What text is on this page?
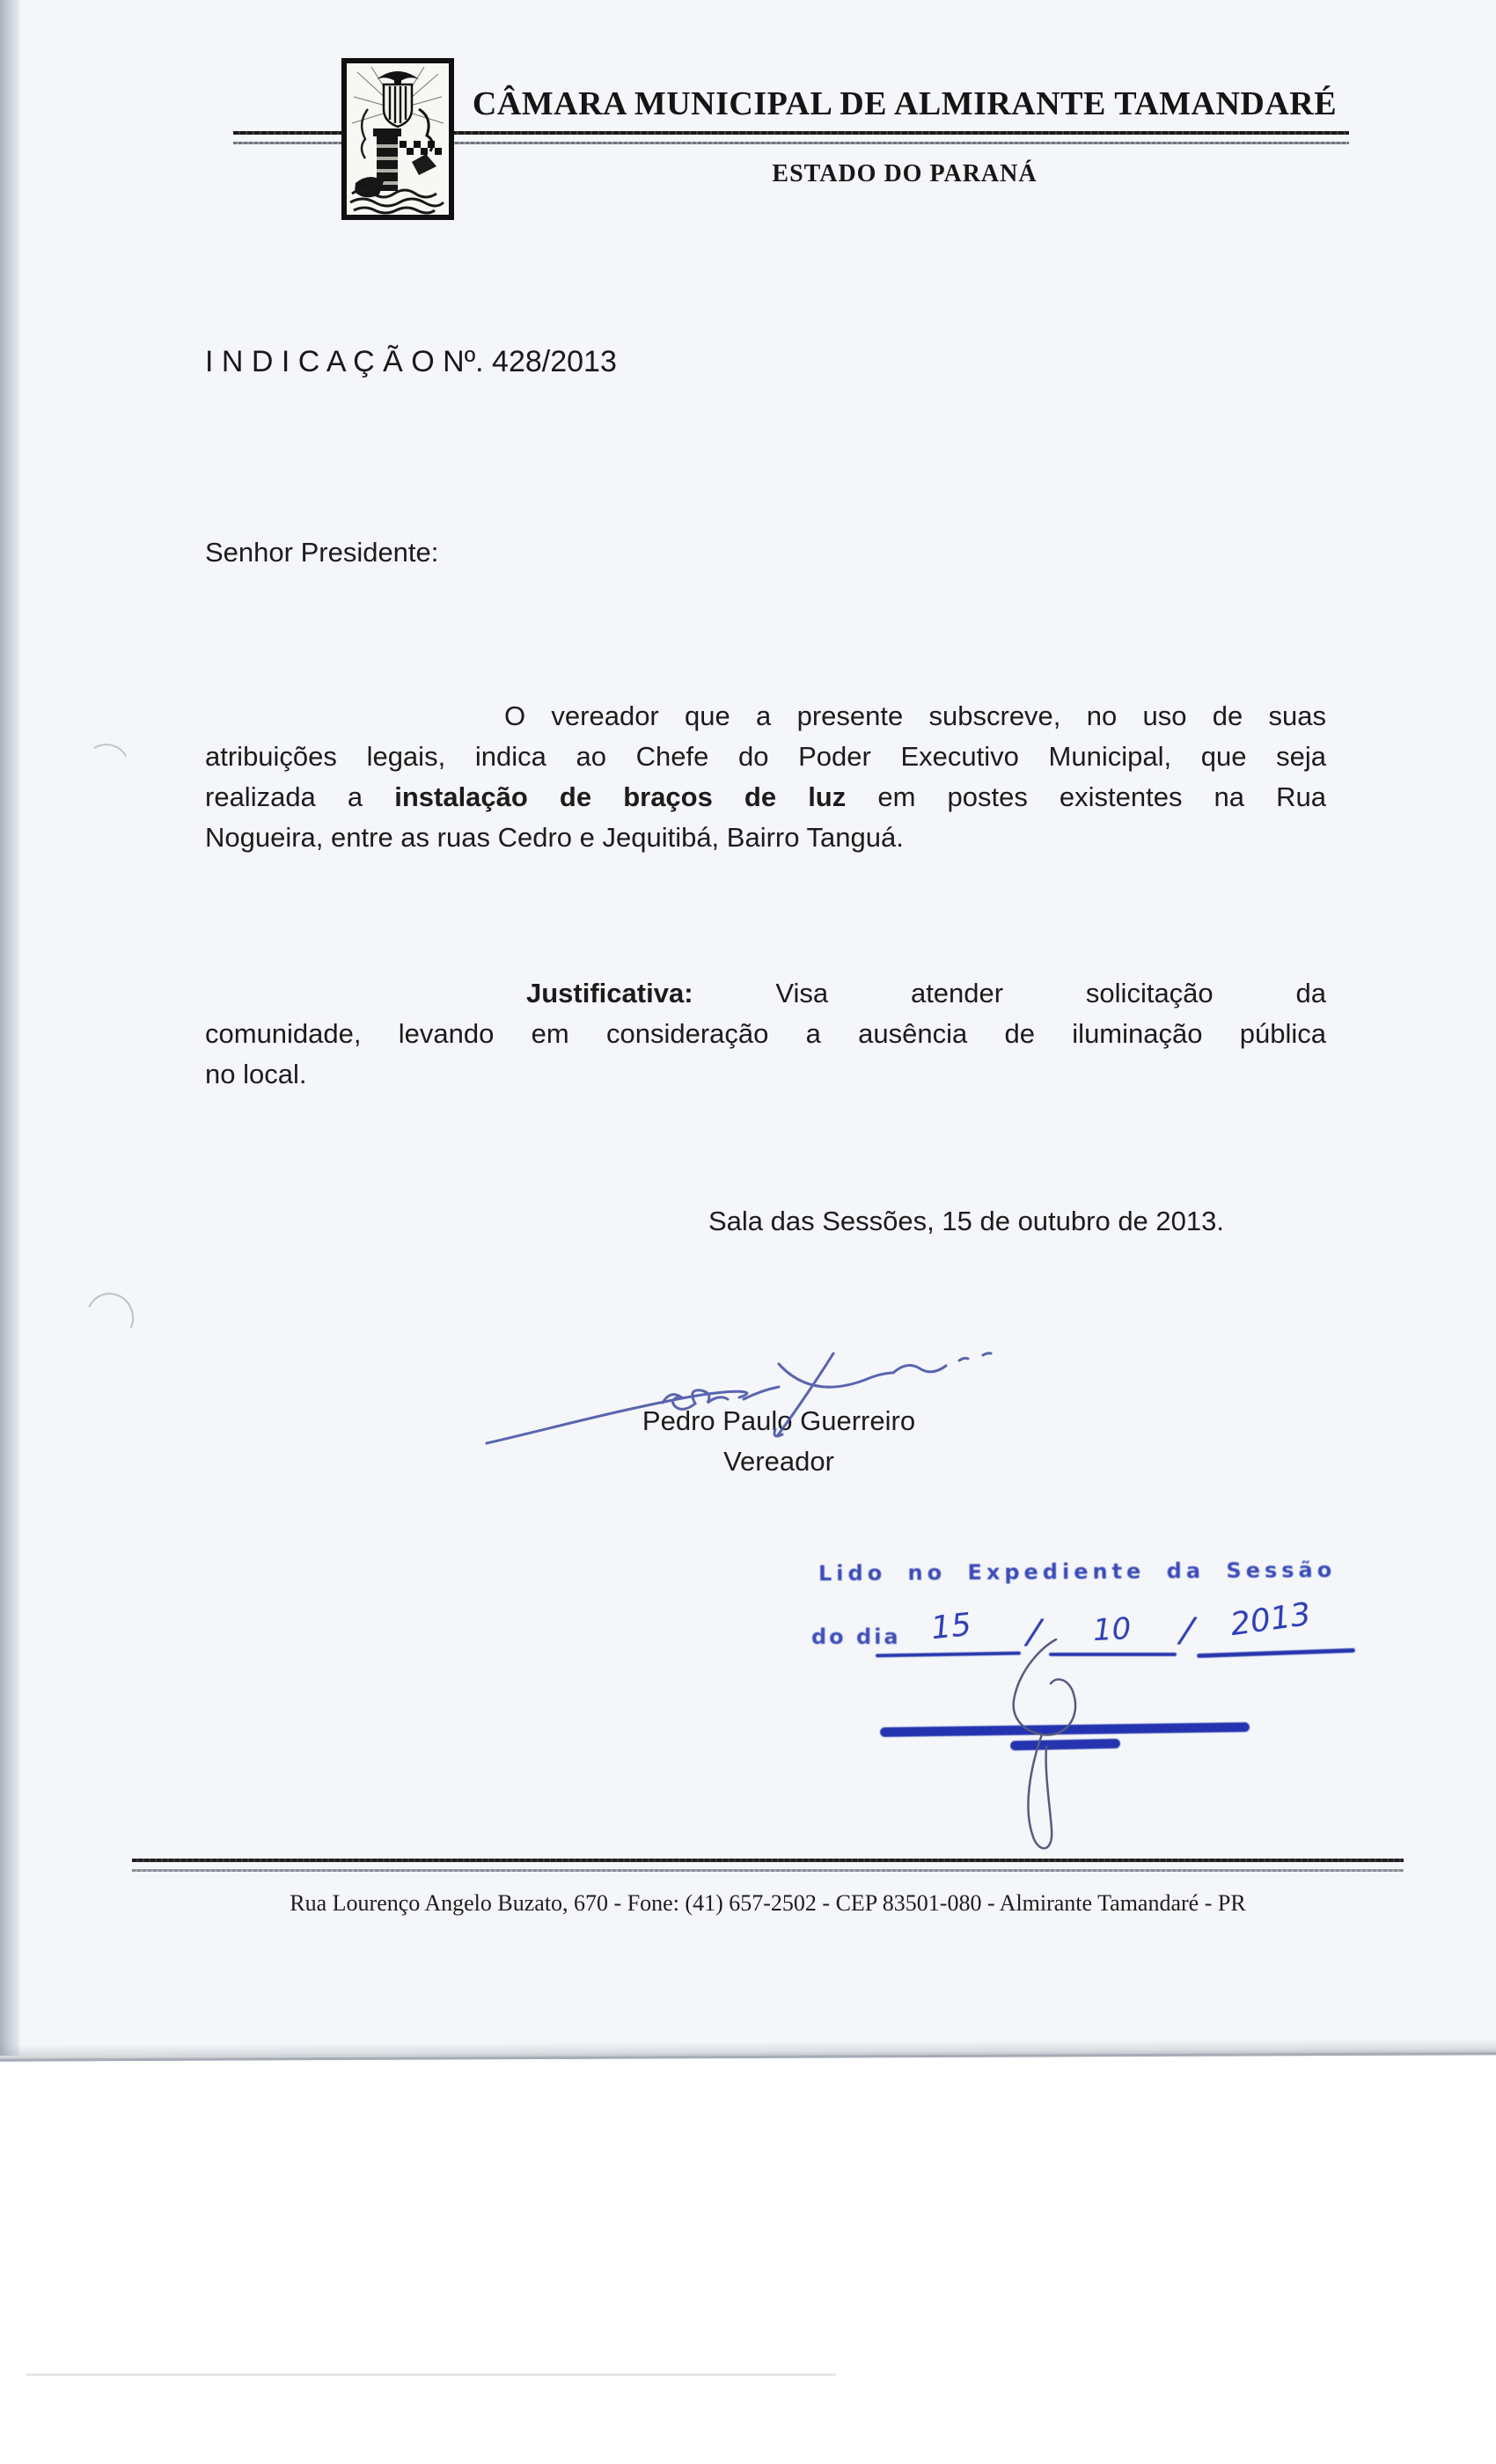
CÂMARA MUNICIPAL DE ALMIRANTE TAMANDARÉ
ESTADO DO PARANÁ
I N D I C A Ç Ã O Nº. 428/2013
Senhor Presidente:
O vereador que a presente subscreve, no uso de suas
atribuições legais, indica ao Chefe do Poder Executivo Municipal, que seja
realizada a instalação de braços de luz em postes existentes na Rua
Nogueira, entre as ruas Cedro e Jequitibá, Bairro Tanguá.
Justificativa: Visa atender solicitação da
comunidade, levando em consideração a ausência de iluminação pública
no local.
Sala das Sessões, 15 de outubro de 2013.
Pedro Paulo Guerreiro
Vereador
Lido no Expediente da Sessão
do dia 15 / 10 / 2013
Rua Lourenço Angelo Buzato, 670 - Fone: (41) 657-2502 - CEP 83501-080 - Almirante Tamandaré - PR
